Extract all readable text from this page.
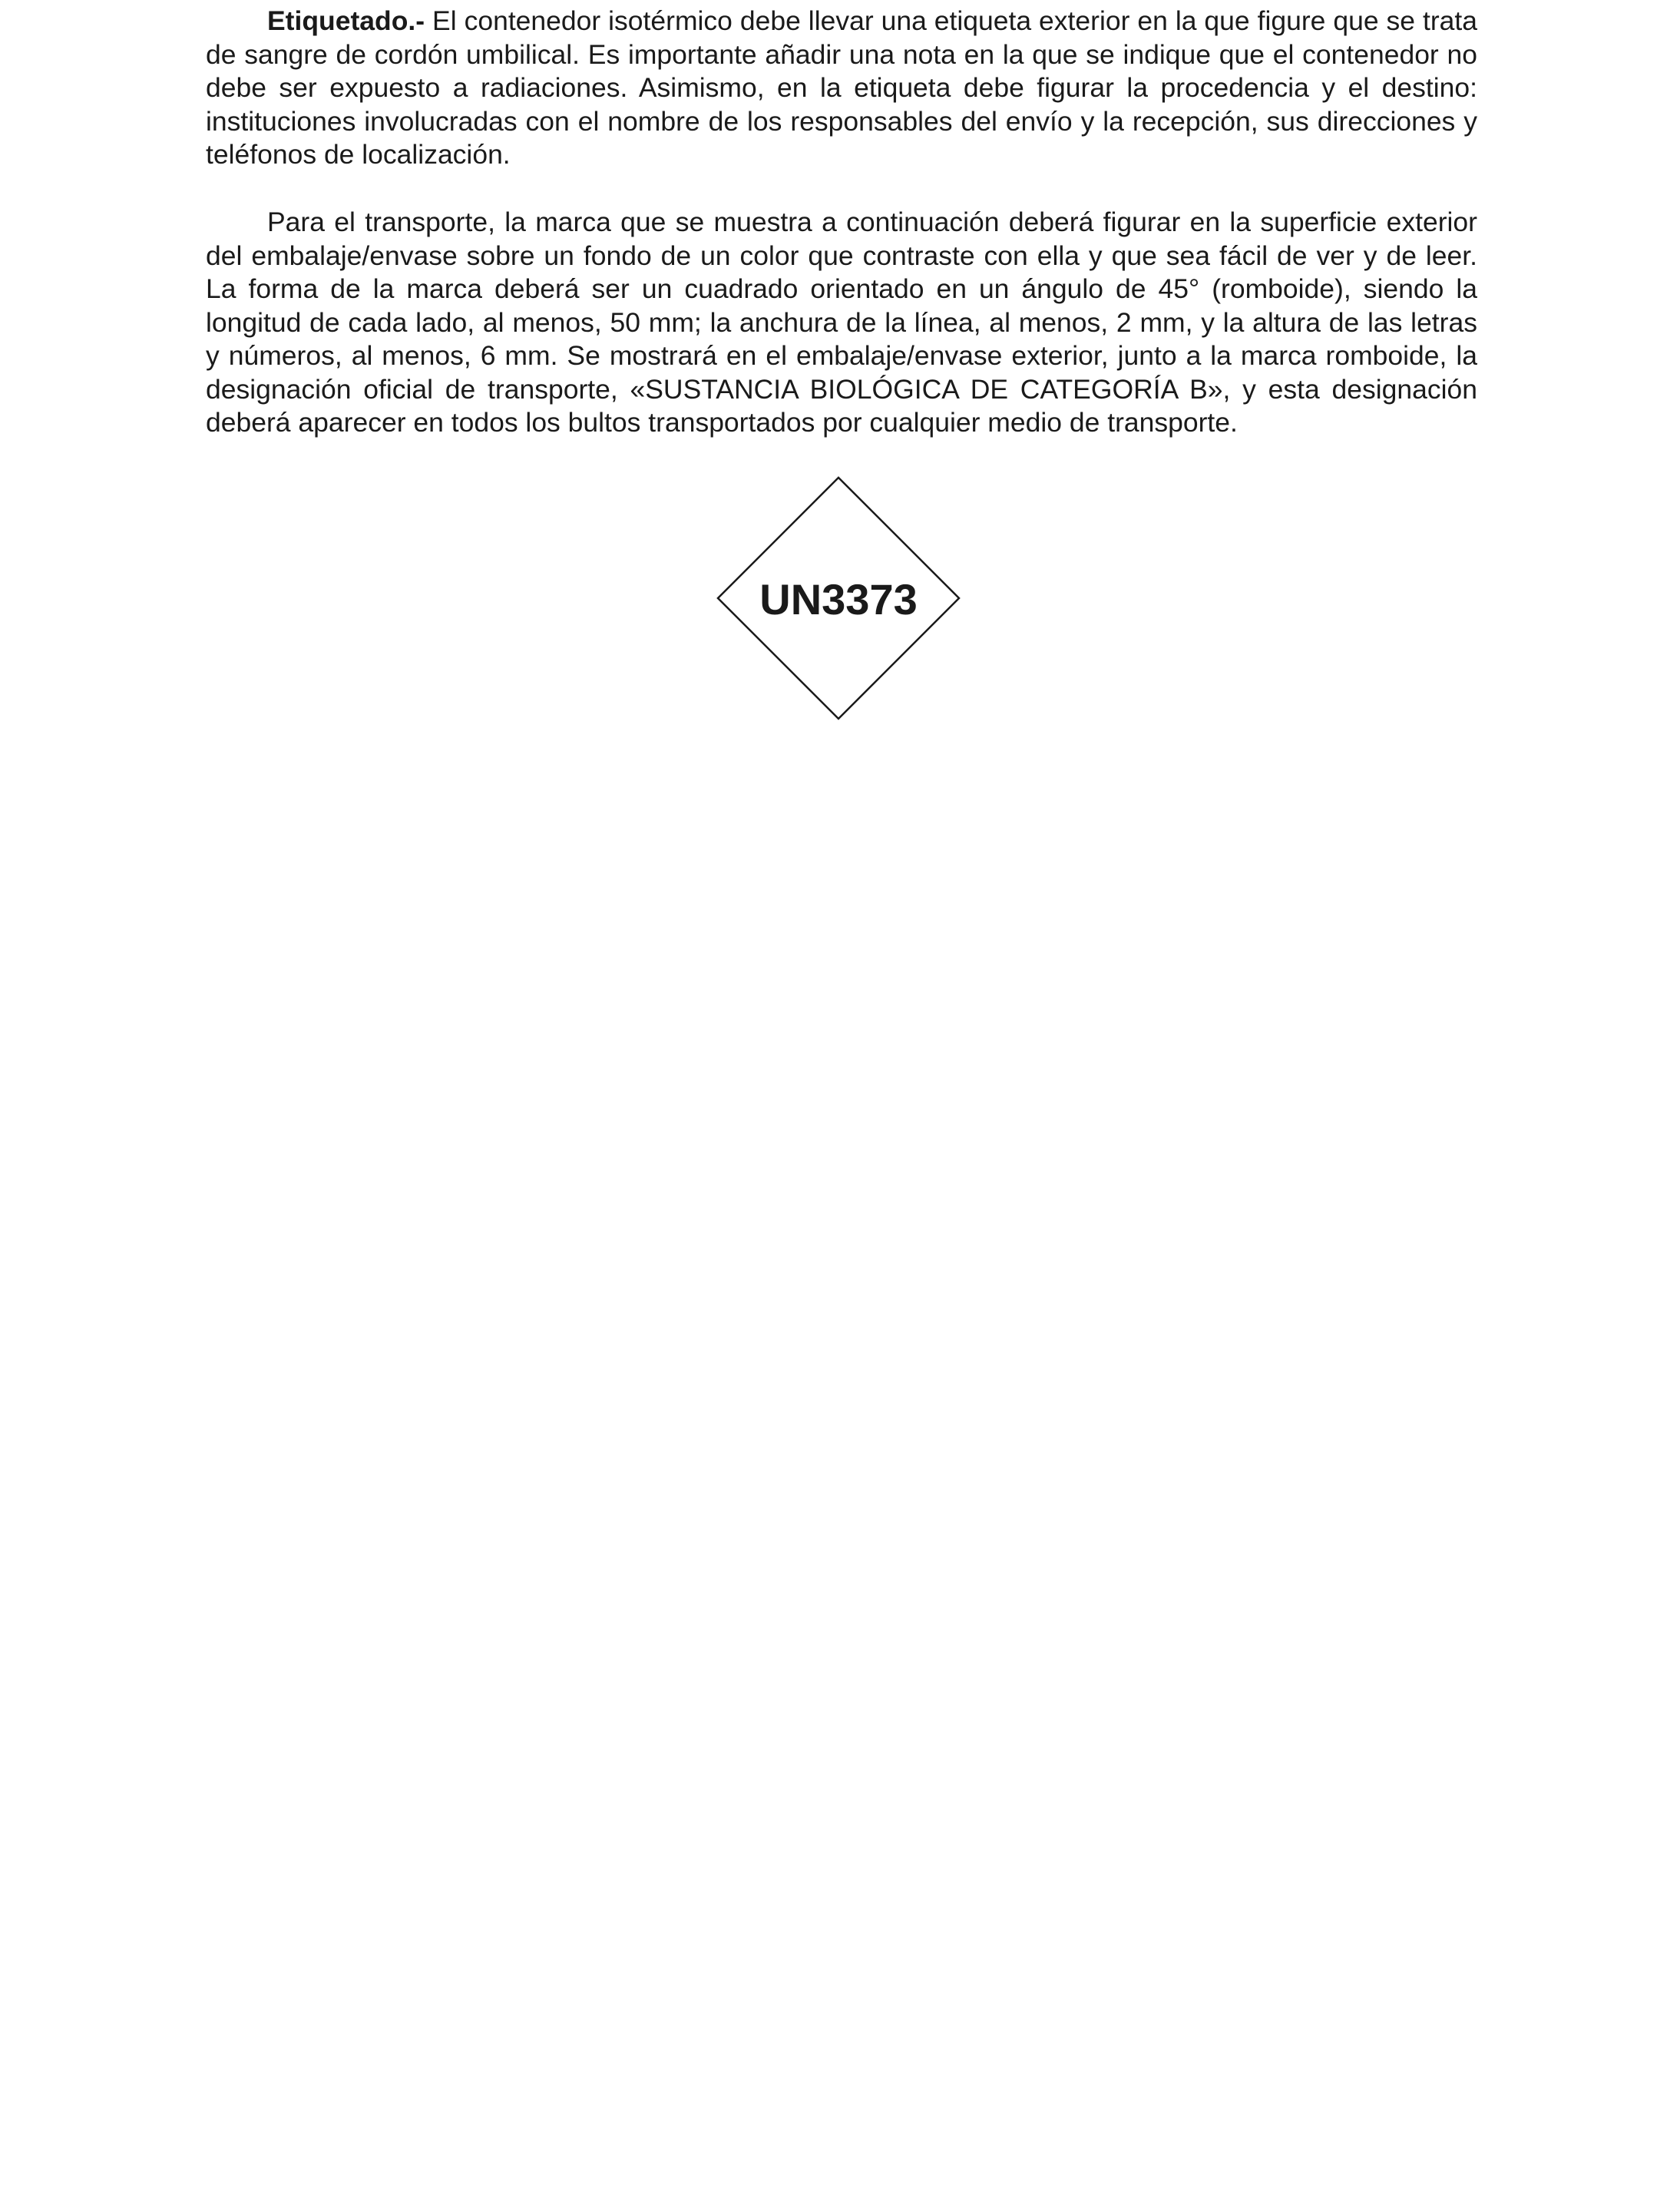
Etiquetado.- El contenedor isotérmico debe llevar una etiqueta exterior en la que figure que se trata de sangre de cordón umbilical. Es importante añadir una nota en la que se indique que el contenedor no debe ser expuesto a radiaciones. Asimismo, en la etiqueta debe figurar la procedencia y el destino: instituciones involucradas con el nombre de los responsables del envío y la recepción, sus direcciones y teléfonos de localización.

Para el transporte, la marca que se muestra a continuación deberá figurar en la superficie exterior del embalaje/envase sobre un fondo de un color que contraste con ella y que sea fácil de ver y de leer. La forma de la marca deberá ser un cuadrado orientado en un ángulo de 45° (romboide), siendo la longitud de cada lado, al menos, 50 mm; la anchura de la línea, al menos, 2 mm, y la altura de las letras y números, al menos, 6 mm. Se mostrará en el embalaje/envase exterior, junto a la marca romboide, la designación oficial de transporte, «SUSTANCIA BIOLÓGICA DE CATEGORÍA B», y esta designación deberá aparecer en todos los bultos transportados por cualquier medio de transporte.

UN3373
